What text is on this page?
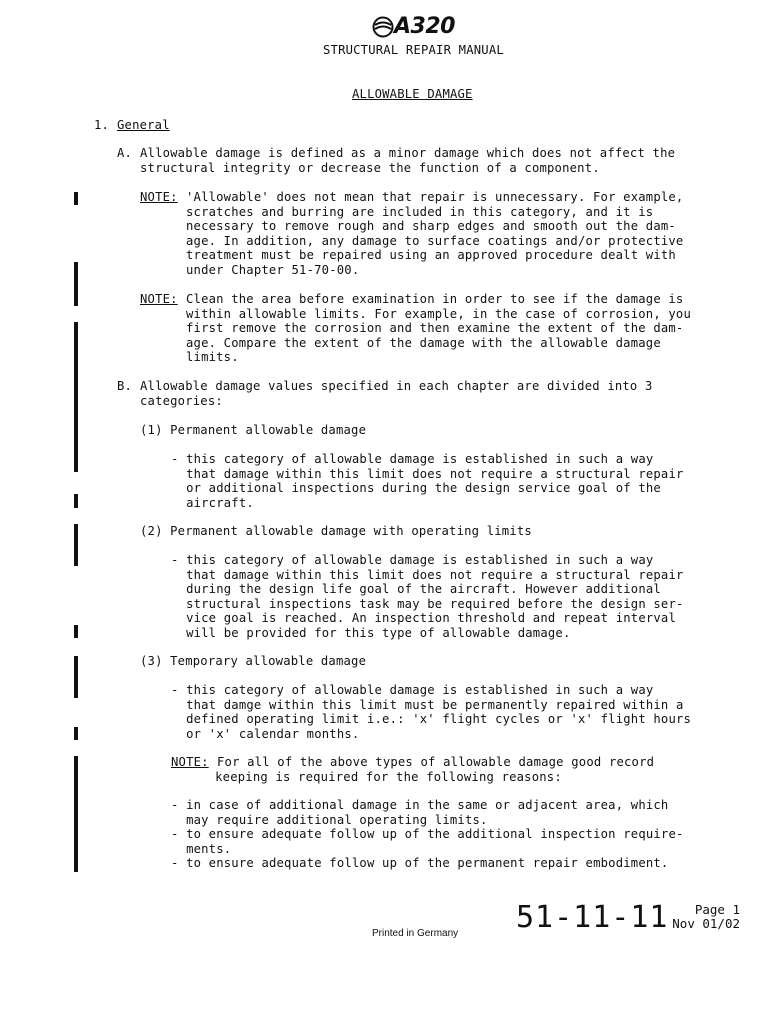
A320
STRUCTURAL REPAIR MANUAL
ALLOWABLE DAMAGE
1. General
A. Allowable damage is defined as a minor damage which does not affect the

structural integrity or decrease the function of a component.

NOTE: 'Allowable' does not mean that repair is unnecessary. For example,

scratches and burring are included in this category, and it is

necessary to remove rough and sharp edges and smooth out the dam-

age. In addition, any damage to surface coatings and/or protective

treatment must be repaired using an approved procedure dealt with

under Chapter 51-70-00.

NOTE: Clean the area before examination in order to see if the damage is

within allowable limits. For example, in the case of corrosion, you

first remove the corrosion and then examine the extent of the dam-

age. Compare the extent of the damage with the allowable damage

limits.

B. Allowable damage values specified in each chapter are divided into 3

categories:

(1) Permanent allowable damage

- this category of allowable damage is established in such a way

that damage within this limit does not require a structural repair

or additional inspections during the design service goal of the

aircraft.

(2) Permanent allowable damage with operating limits

- this category of allowable damage is established in such a way

that damage within this limit does not require a structural repair

during the design life goal of the aircraft. However additional

structural inspections task may be required before the design ser-

vice goal is reached. An inspection threshold and repeat interval

will be provided for this type of allowable damage.

(3) Temporary allowable damage

- this category of allowable damage is established in such a way

that damge within this limit must be permanently repaired within a

defined operating limit i.e.: 'x' flight cycles or 'x' flight hours

or 'x' calendar months.

NOTE: For all of the above types of allowable damage good record

keeping is required for the following reasons:

- in case of additional damage in the same or adjacent area, which

may require additional operating limits.

- to ensure adequate follow up of the additional inspection require-

ments.

- to ensure adequate follow up of the permanent repair embodiment.

51-11-11	Page 1
Nov 01/02
Printed in Germany
